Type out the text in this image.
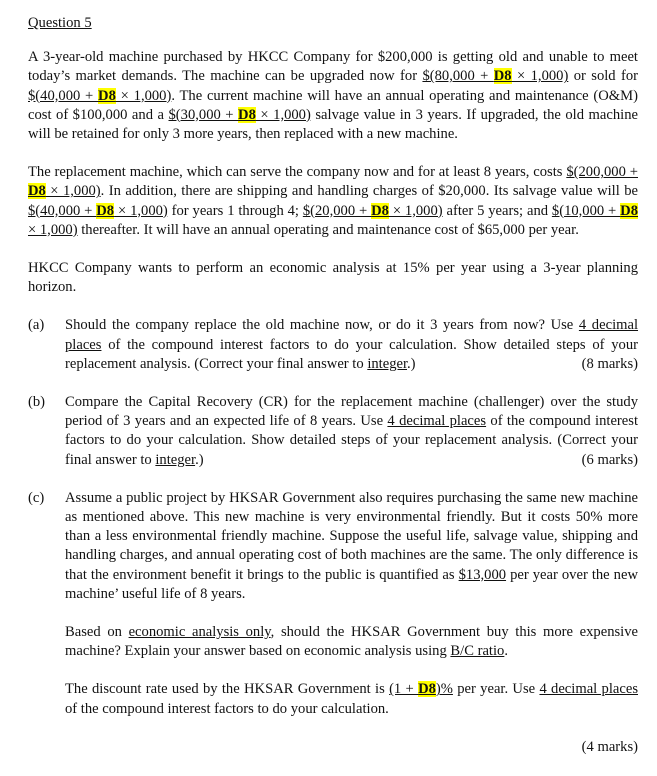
Question 5

A 3-year-old machine purchased by HKCC Company for $200,000 is getting old and unable to meet today’s market demands. The machine can be upgraded now for $(80,000 + D8 × 1,000) or sold for $(40,000 + D8 × 1,000). The current machine will have an annual operating and maintenance (O&M) cost of $100,000 and a $(30,000 + D8 × 1,000) salvage value in 3 years. If upgraded, the old machine will be retained for only 3 more years, then replaced with a new machine.

The replacement machine, which can serve the company now and for at least 8 years, costs $(200,000 + D8 × 1,000). In addition, there are shipping and handling charges of $20,000. Its salvage value will be $(40,000 + D8 × 1,000) for years 1 through 4; $(20,000 + D8 × 1,000) after 5 years; and $(10,000 + D8 × 1,000) thereafter. It will have an annual operating and maintenance cost of $65,000 per year.

HKCC Company wants to perform an economic analysis at 15% per year using a 3-year planning horizon.

(a) Should the company replace the old machine now, or do it 3 years from now? Use 4 decimal places of the compound interest factors to do your calculation. Show detailed steps of your replacement analysis. (Correct your final answer to integer.)	(8 marks)

(b) Compare the Capital Recovery (CR) for the replacement machine (challenger) over the study period of 3 years and an expected life of 8 years. Use 4 decimal places of the compound interest factors to do your calculation. Show detailed steps of your replacement analysis. (Correct your final answer to integer.)	(6 marks)

(c) Assume a public project by HKSAR Government also requires purchasing the same new machine as mentioned above. This new machine is very environmental friendly. But it costs 50% more than a less environmental friendly machine. Suppose the useful life, salvage value, shipping and handling charges, and annual operating cost of both machines are the same. The only difference is that the environment benefit it brings to the public is quantified as $13,000 per year over the new machine’ useful life of 8 years.

Based on economic analysis only, should the HKSAR Government buy this more expensive machine? Explain your answer based on economic analysis using B/C ratio.

The discount rate used by the HKSAR Government is (1 + D8)% per year. Use 4 decimal places of the compound interest factors to do your calculation.

(4 marks)
